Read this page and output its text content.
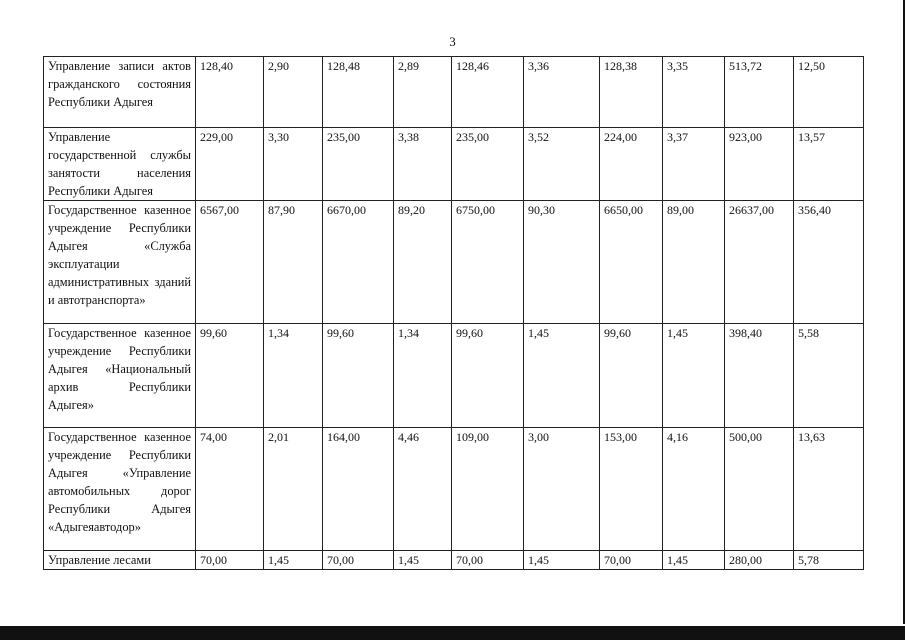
3
Управление записи актов гражданского состояния Республики Адыгея	128,40	2,90	128,48	2,89	128,46	3,36	128,38	3,35	513,72	12,50
Управление государственной службы занятости населения Республики Адыгея	229,00	3,30	235,00	3,38	235,00	3,52	224,00	3,37	923,00	13,57
Государственное казенное учреждение Республики Адыгея «Служба эксплуатации административных зданий и автотранспорта»	6567,00	87,90	6670,00	89,20	6750,00	90,30	6650,00	89,00	26637,00	356,40
Государственное казенное учреждение Республики Адыгея «Национальный архив Республики Адыгея»	99,60	1,34	99,60	1,34	99,60	1,45	99,60	1,45	398,40	5,58
Государственное казенное учреждение Республики Адыгея «Управление автомобильных дорог Республики Адыгея «Адыгеяавтодор»	74,00	2,01	164,00	4,46	109,00	3,00	153,00	4,16	500,00	13,63
Управление лесами	70,00	1,45	70,00	1,45	70,00	1,45	70,00	1,45	280,00	5,78
